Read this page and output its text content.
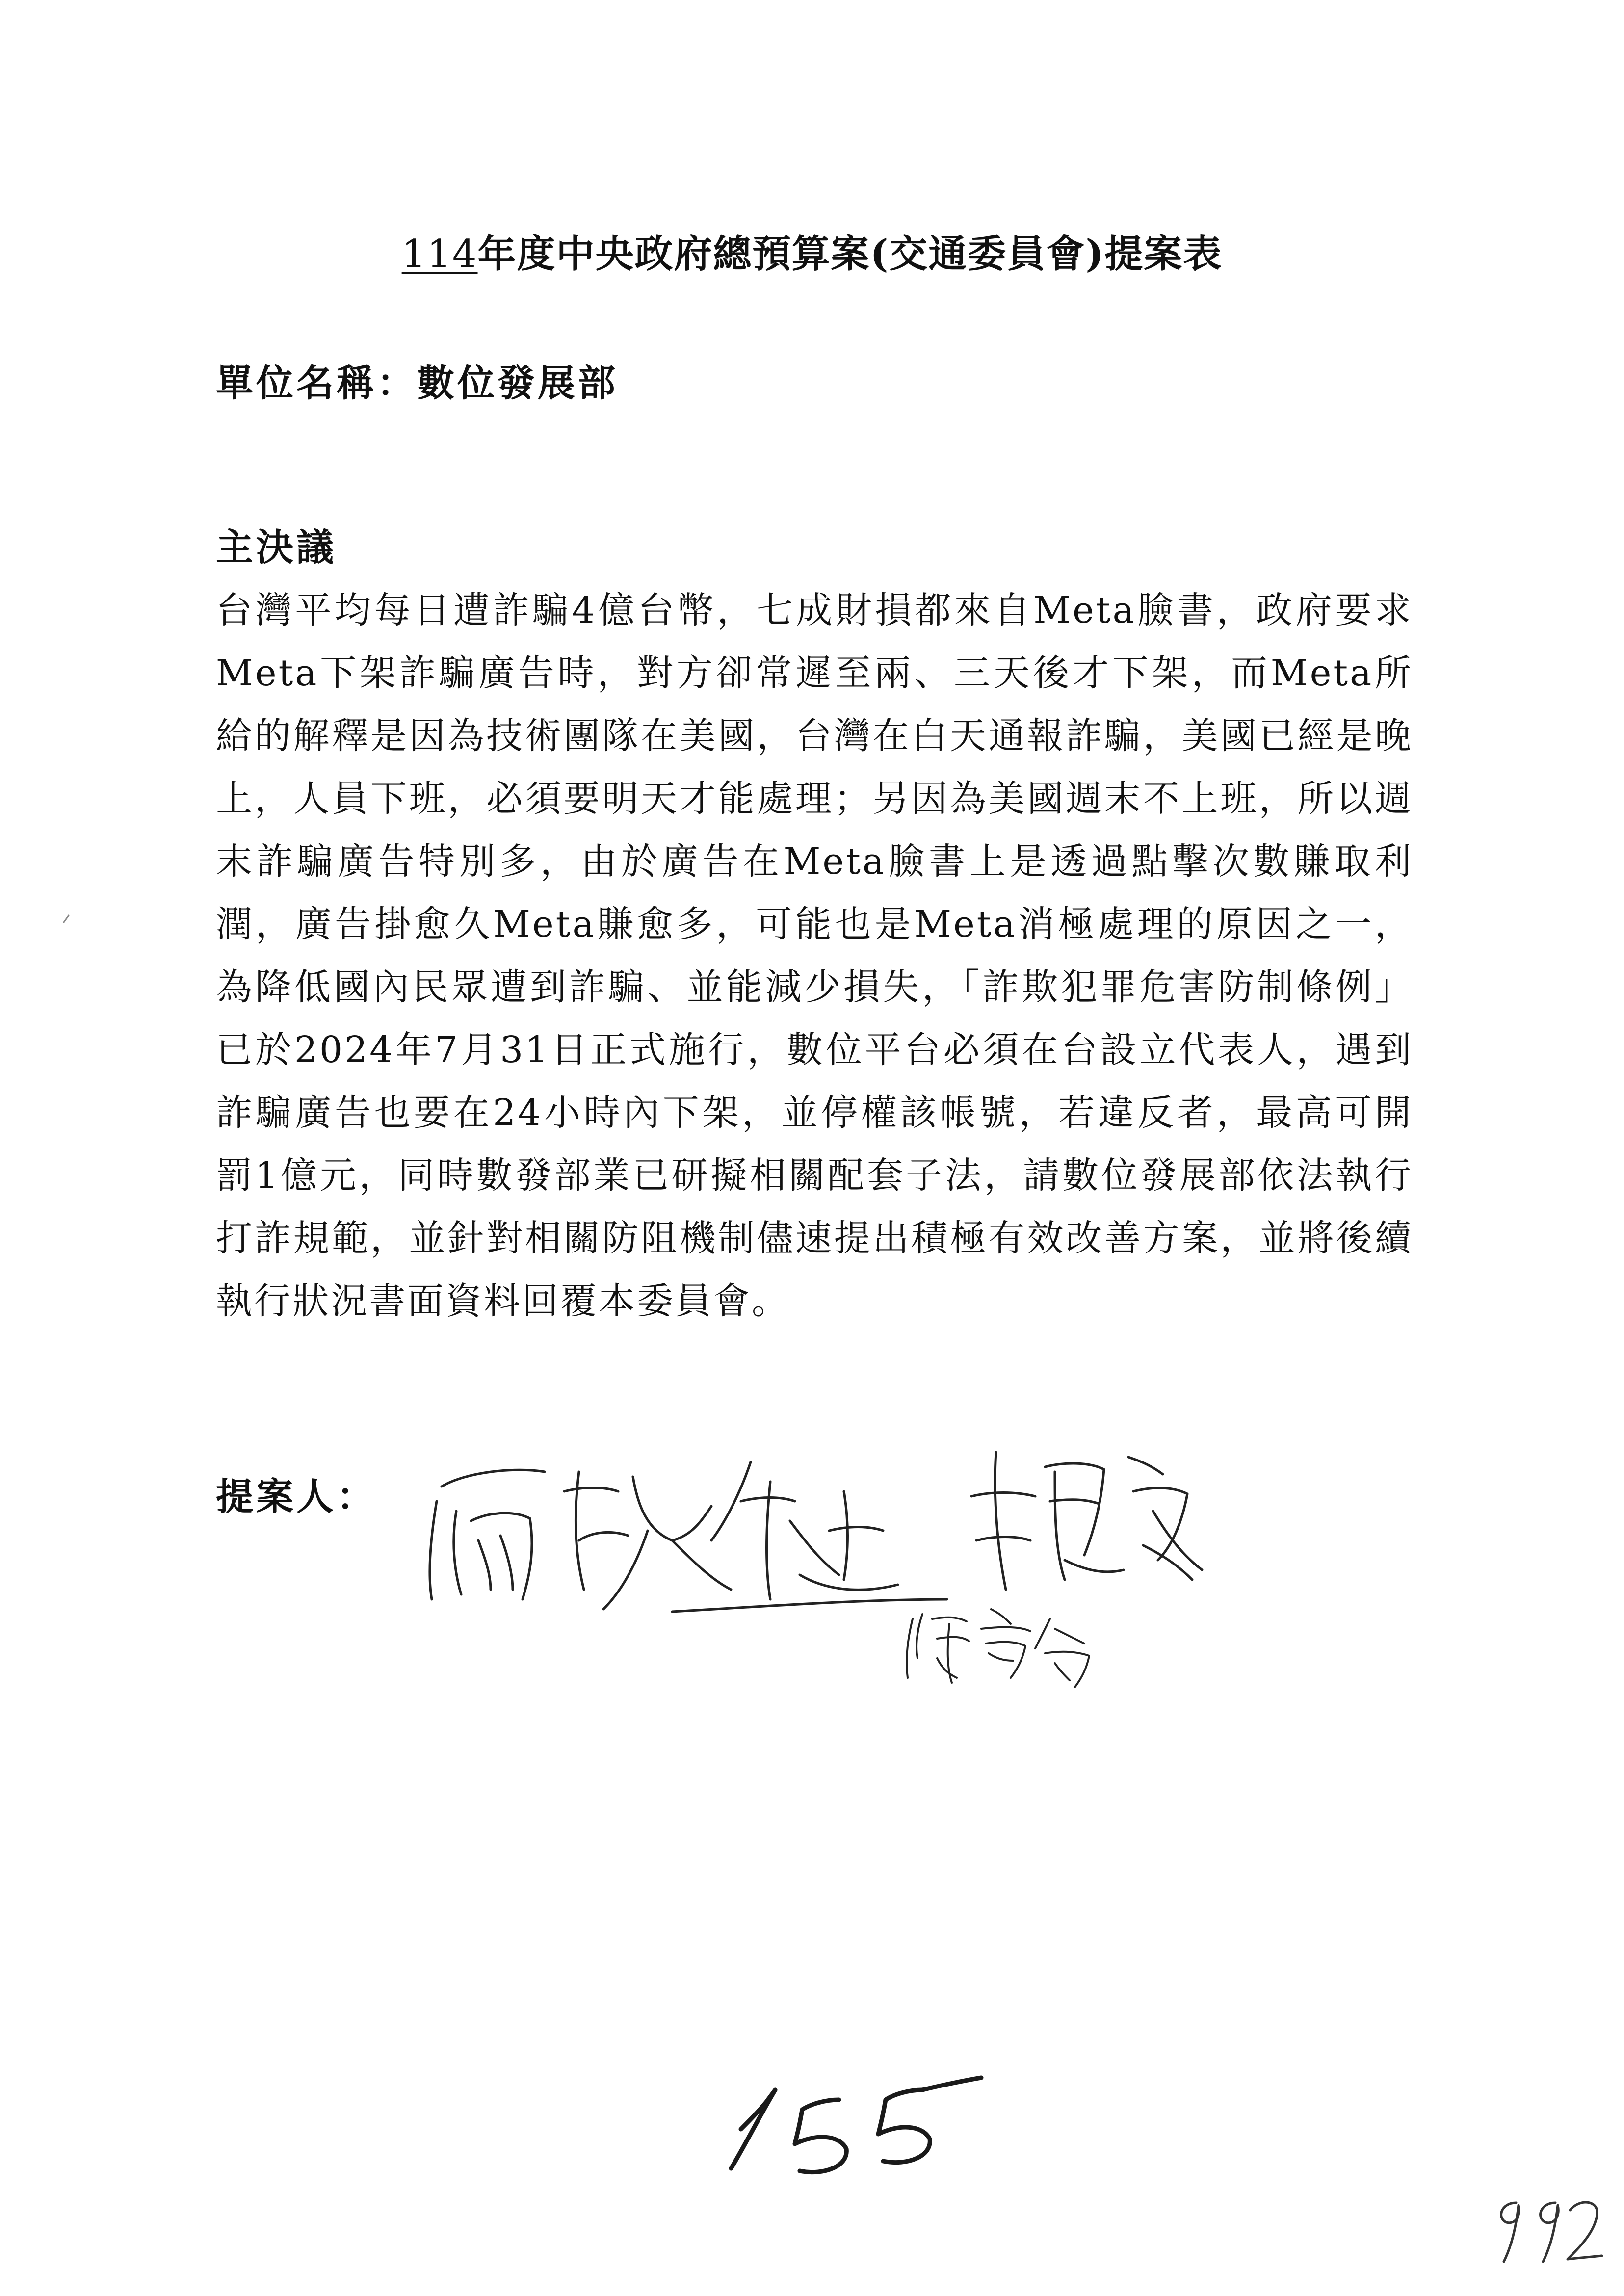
114年度中央政府總預算案(交通委員會)提案表
單位名稱：數位發展部
主決議

台灣平均每日遭詐騙4億台幣，七成財損都來自Meta臉書，政府要求Meta下架詐騙廣告時，對方卻常遲至兩、三天後才下架，而Meta所給的解釋是因為技術團隊在美國，台灣在白天通報詐騙，美國已經是晚上，人員下班，必須要明天才能處理；另因為美國週末不上班，所以週末詐騙廣告特別多，由於廣告在Meta臉書上是透過點擊次數賺取利潤，廣告掛愈久Meta賺愈多，可能也是Meta消極處理的原因之一，為降低國內民眾遭到詐騙、並能減少損失，「詐欺犯罪危害防制條例」已於2024年7月31日正式施行，數位平台必須在台設立代表人，遇到詐騙廣告也要在24小時內下架，並停權該帳號，若違反者，最高可開罰1億元，同時數發部業已研擬相關配套子法，請數位發展部依法執行打詐規範，並針對相關防阻機制儘速提出積極有效改善方案，並將後續執行狀況書面資料回覆本委員會。

提案人：
